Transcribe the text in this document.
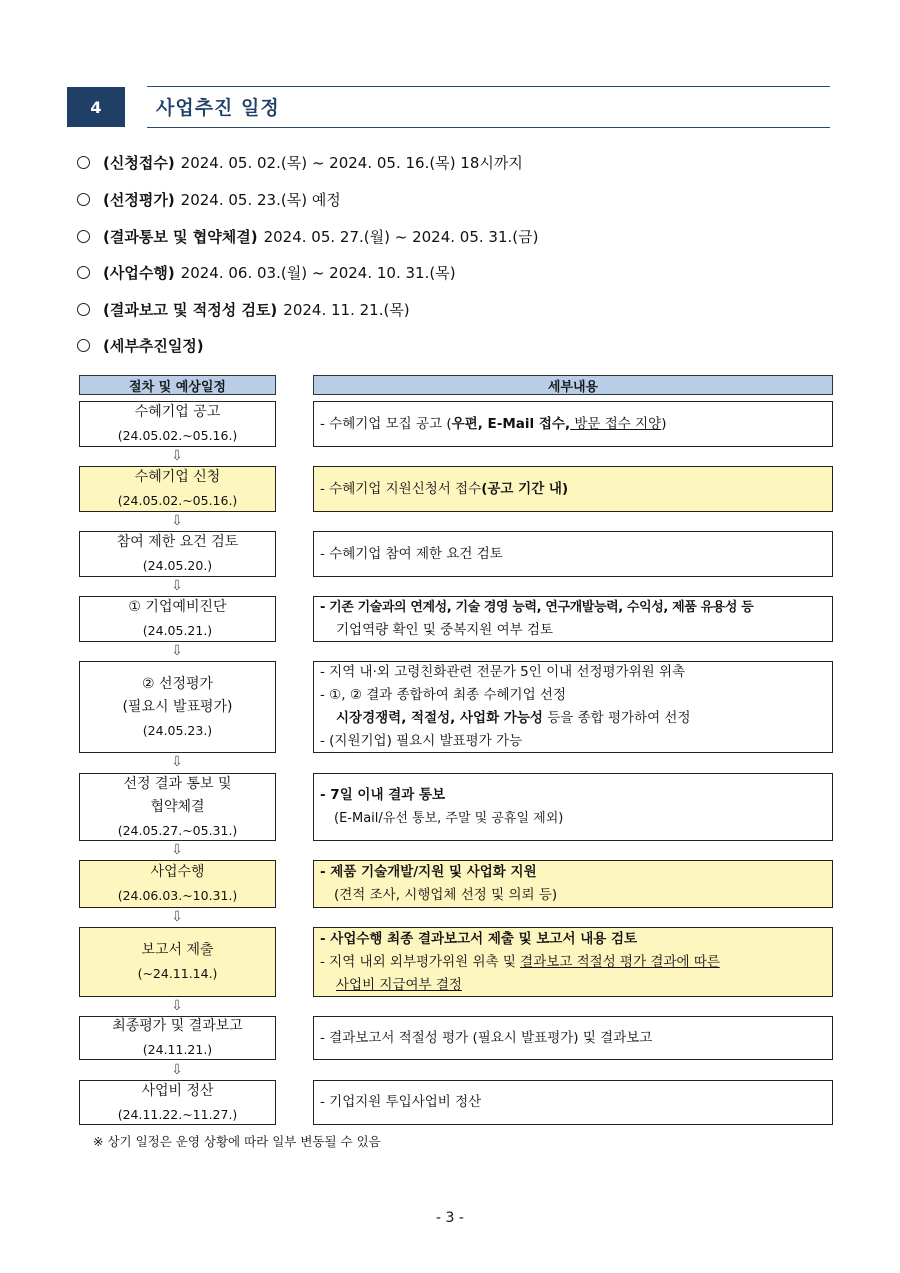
4	사업추진 일정
(신청접수) 2024. 05. 02.(목) ~ 2024. 05. 16.(목) 18시까지
(선정평가) 2024. 05. 23.(목) 예정
(결과통보 및 협약체결) 2024. 05. 27.(월) ~ 2024. 05. 31.(금)
(사업수행) 2024. 06. 03.(월) ~ 2024. 10. 31.(목)
(결과보고 및 적정성 검토) 2024. 11. 21.(목)
(세부추진일정)
절차 및 예상일정	세부내용
수혜기업 공고
(24.05.02.~05.16.)
- 수혜기업 모집 공고 (우편, E-Mail 접수, 방문 접수 지양)
⇩
수혜기업 신청
(24.05.02.~05.16.)
- 수혜기업 지원신청서 접수(공고 기간 내)
⇩
참여 제한 요건 검토
(24.05.20.)
- 수혜기업 참여 제한 요건 검토
⇩
① 기업예비진단
(24.05.21.)
- 기존 기술과의 연계성, 기술 경영 능력, 연구개발능력, 수익성, 제품 유용성 등
기업역량 확인 및 중복지원 여부 검토
⇩
② 선정평가
(필요시 발표평가)
(24.05.23.)
- 지역 내·외 고령친화관련 전문가 5인 이내 선정평가위원 위촉
- ①, ② 결과 종합하여 최종 수혜기업 선정
시장경쟁력, 적절성, 사업화 가능성 등을 종합 평가하여 선정
- (지원기업) 필요시 발표평가 가능
⇩
선정 결과 통보 및
협약체결
(24.05.27.~05.31.)
- 7일 이내 결과 통보
(E-Mail/유선 통보, 주말 및 공휴일 제외)
⇩
사업수행
(24.06.03.~10.31.)
- 제품 기술개발/지원 및 사업화 지원
(견적 조사, 시행업체 선정 및 의뢰 등)
⇩
보고서 제출
(~24.11.14.)
- 사업수행 최종 결과보고서 제출 및 보고서 내용 검토
- 지역 내외 외부평가위원 위촉 및 결과보고 적절성 평가 결과에 따른
사업비 지급여부 결정
⇩
최종평가 및 결과보고
(24.11.21.)
- 결과보고서 적절성 평가 (필요시 발표평가) 및 결과보고
⇩
사업비 정산
(24.11.22.~11.27.)
- 기업지원 투입사업비 정산
※ 상기 일정은 운영 상황에 따라 일부 변동될 수 있음
- 3 -
